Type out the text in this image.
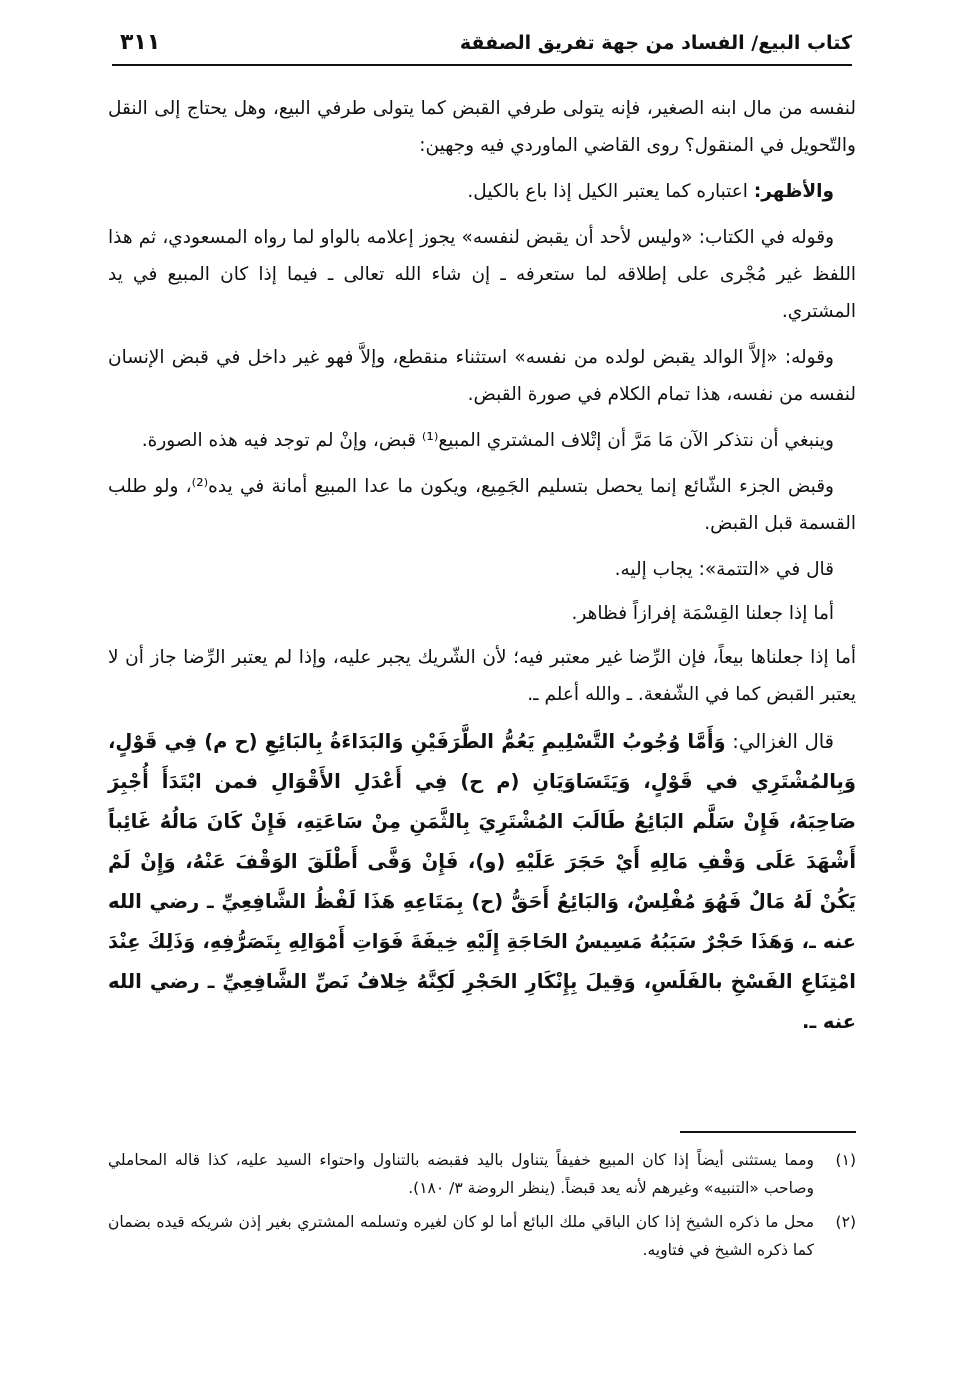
كتاب البيع/ الفساد من جهة تفريق الصفقة
٣١١

لنفسه من مال ابنه الصغير، فإنه يتولى طرفي القبض كما يتولى طرفي البيع، وهل يحتاج إلى النقل والتّحويل في المنقول؟ روى القاضي الماوردي فيه وجهين:

والأظهر: اعتباره كما يعتبر الكيل إذا باع بالكيل.

وقوله في الكتاب: «وليس لأحد أن يقبض لنفسه» يجوز إعلامه بالواو لما رواه المسعودي، ثم هذا اللفظ غير مُجْرى على إطلاقه لما ستعرفه ـ إن شاء الله تعالى ـ فيما إذا كان المبيع في يد المشتري.

وقوله: «إلاَّ الوالد يقبض لولده من نفسه» استثناء منقطع، وإلاَّ فهو غير داخل في قبض الإنسان لنفسه من نفسه، هذا تمام الكلام في صورة القبض.

وينبغي أن نتذكر الآن مَا مَرَّ أن إتْلاف المشتري المبيع⁽¹⁾ قبض، وإنْ لم توجد فيه هذه الصورة.

وقبض الجزء الشّائع إنما يحصل بتسليم الجَمِيع، ويكون ما عدا المبيع أمانة في يده⁽²⁾، ولو طلب القسمة قبل القبض.

قال في «التتمة»: يجاب إليه.

أما إذا جعلنا القِسْمَة إفرازاً فظاهر.

أما إذا جعلناها بيعاً، فإن الرِّضا غير معتبر فيه؛ لأن الشّريك يجبر عليه، وإذا لم يعتبر الرِّضا جاز أن لا يعتبر القبض كما في الشّفعة. ـ والله أعلم ـ.

قال الغزالي: وَأَمَّا وُجُوبُ التَّسْلِيمِ يَعُمُّ الطَّرَفَيْنِ وَالبَدَاءَةُ بِالبَائِعِ (ح م) فِي قَوْلٍ، وَبِالمُشْتَرِي في قَوْلٍ، وَيَتَسَاوَيَانِ (م ح) فِي أَعْدَلِ الأَقْوَالِ فمن ابْتَدَأَ أُجْبِرَ صَاحِبَهُ، فَإِنْ سَلَّم البَائِعُ طَالَبَ المُشْتَرِيَ بِالثَّمَنِ مِنْ سَاعَتِهِ، فَإِنْ كَانَ مَالُهُ غَائِباً أَشْهَدَ عَلَى وَقْفِ مَالِهِ أَيْ حَجَرَ عَلَيْهِ (و)، فَإِنْ وَفَّى أَطْلَقَ الوَقْفَ عَنْهُ، وَإِنْ لَمْ يَكُنْ لَهُ مَالٌ فَهُوَ مُفْلِسٌ، وَالبَائِعُ أَحَقُّ (ح) بِمَتَاعِهِ هَذَا لَفْظُ الشَّافِعِيِّ ـ رضي الله عنه ـ، وَهَذَا حَجْرٌ سَبَبُهُ مَسِيسُ الحَاجَةِ إِلَيْهِ خِيفَةَ فَوَاتِ أَمْوَالِهِ بِتَصَرُّفِهِ، وَذَلِكَ عِنْدَ امْتِنَاعِ الفَسْخِ بالفَلَسِ، وَقِيلَ بِإِنْكَارِ الحَجْرِ لَكِنَّهُ خِلافُ نَصِّ الشَّافِعِيِّ ـ رضي الله عنه ـ.

(١)
ومما يستثنى أيضاً إذا كان المبيع خفيفاً يتناول باليد فقبضه بالتناول واحتواء السيد عليه، كذا قاله المحاملي وصاحب «التنبيه» وغيرهم لأنه يعد قبضاً. (ينظر الروضة ٣/ ١٨٠).
(٢)
محل ما ذكره الشيخ إذا كان الباقي ملك البائع أما لو كان لغيره وتسلمه المشتري بغير إذن شريكه قيده بضمان كما ذكره الشيخ في فتاويه.
